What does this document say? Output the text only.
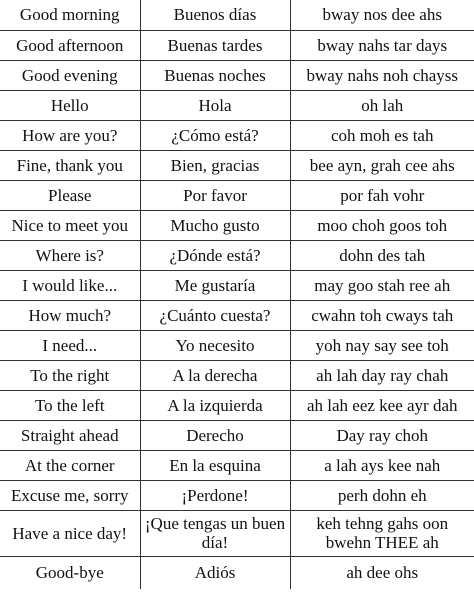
Good morning	Buenos días	bway nos dee ahs
Good afternoon	Buenas tardes	bway nahs tar days
Good evening	Buenas noches	bway nahs noh chayss
Hello	Hola	oh lah
How are you?	¿Cómo está?	coh moh es tah
Fine, thank you	Bien, gracias	bee ayn, grah cee ahs
Please	Por favor	por fah vohr
Nice to meet you	Mucho gusto	moo choh goos toh
Where is?	¿Dónde está?	dohn des tah
I would like...	Me gustaría	may goo stah ree ah
How much?	¿Cuánto cuesta?	cwahn toh cways tah
I need...	Yo necesito	yoh nay say see toh
To the right	A la derecha	ah lah day ray chah
To the left	A la izquierda	ah lah eez kee ayr dah
Straight ahead	Derecho	Day ray choh
At the corner	En la esquina	a lah ays kee nah
Excuse me, sorry	¡Perdone!	perh dohn eh
Have a nice day!	¡Que tengas un buen día!	keh tehng gahs oon bwehn THEE ah
Good-bye	Adiós	ah dee ohs
